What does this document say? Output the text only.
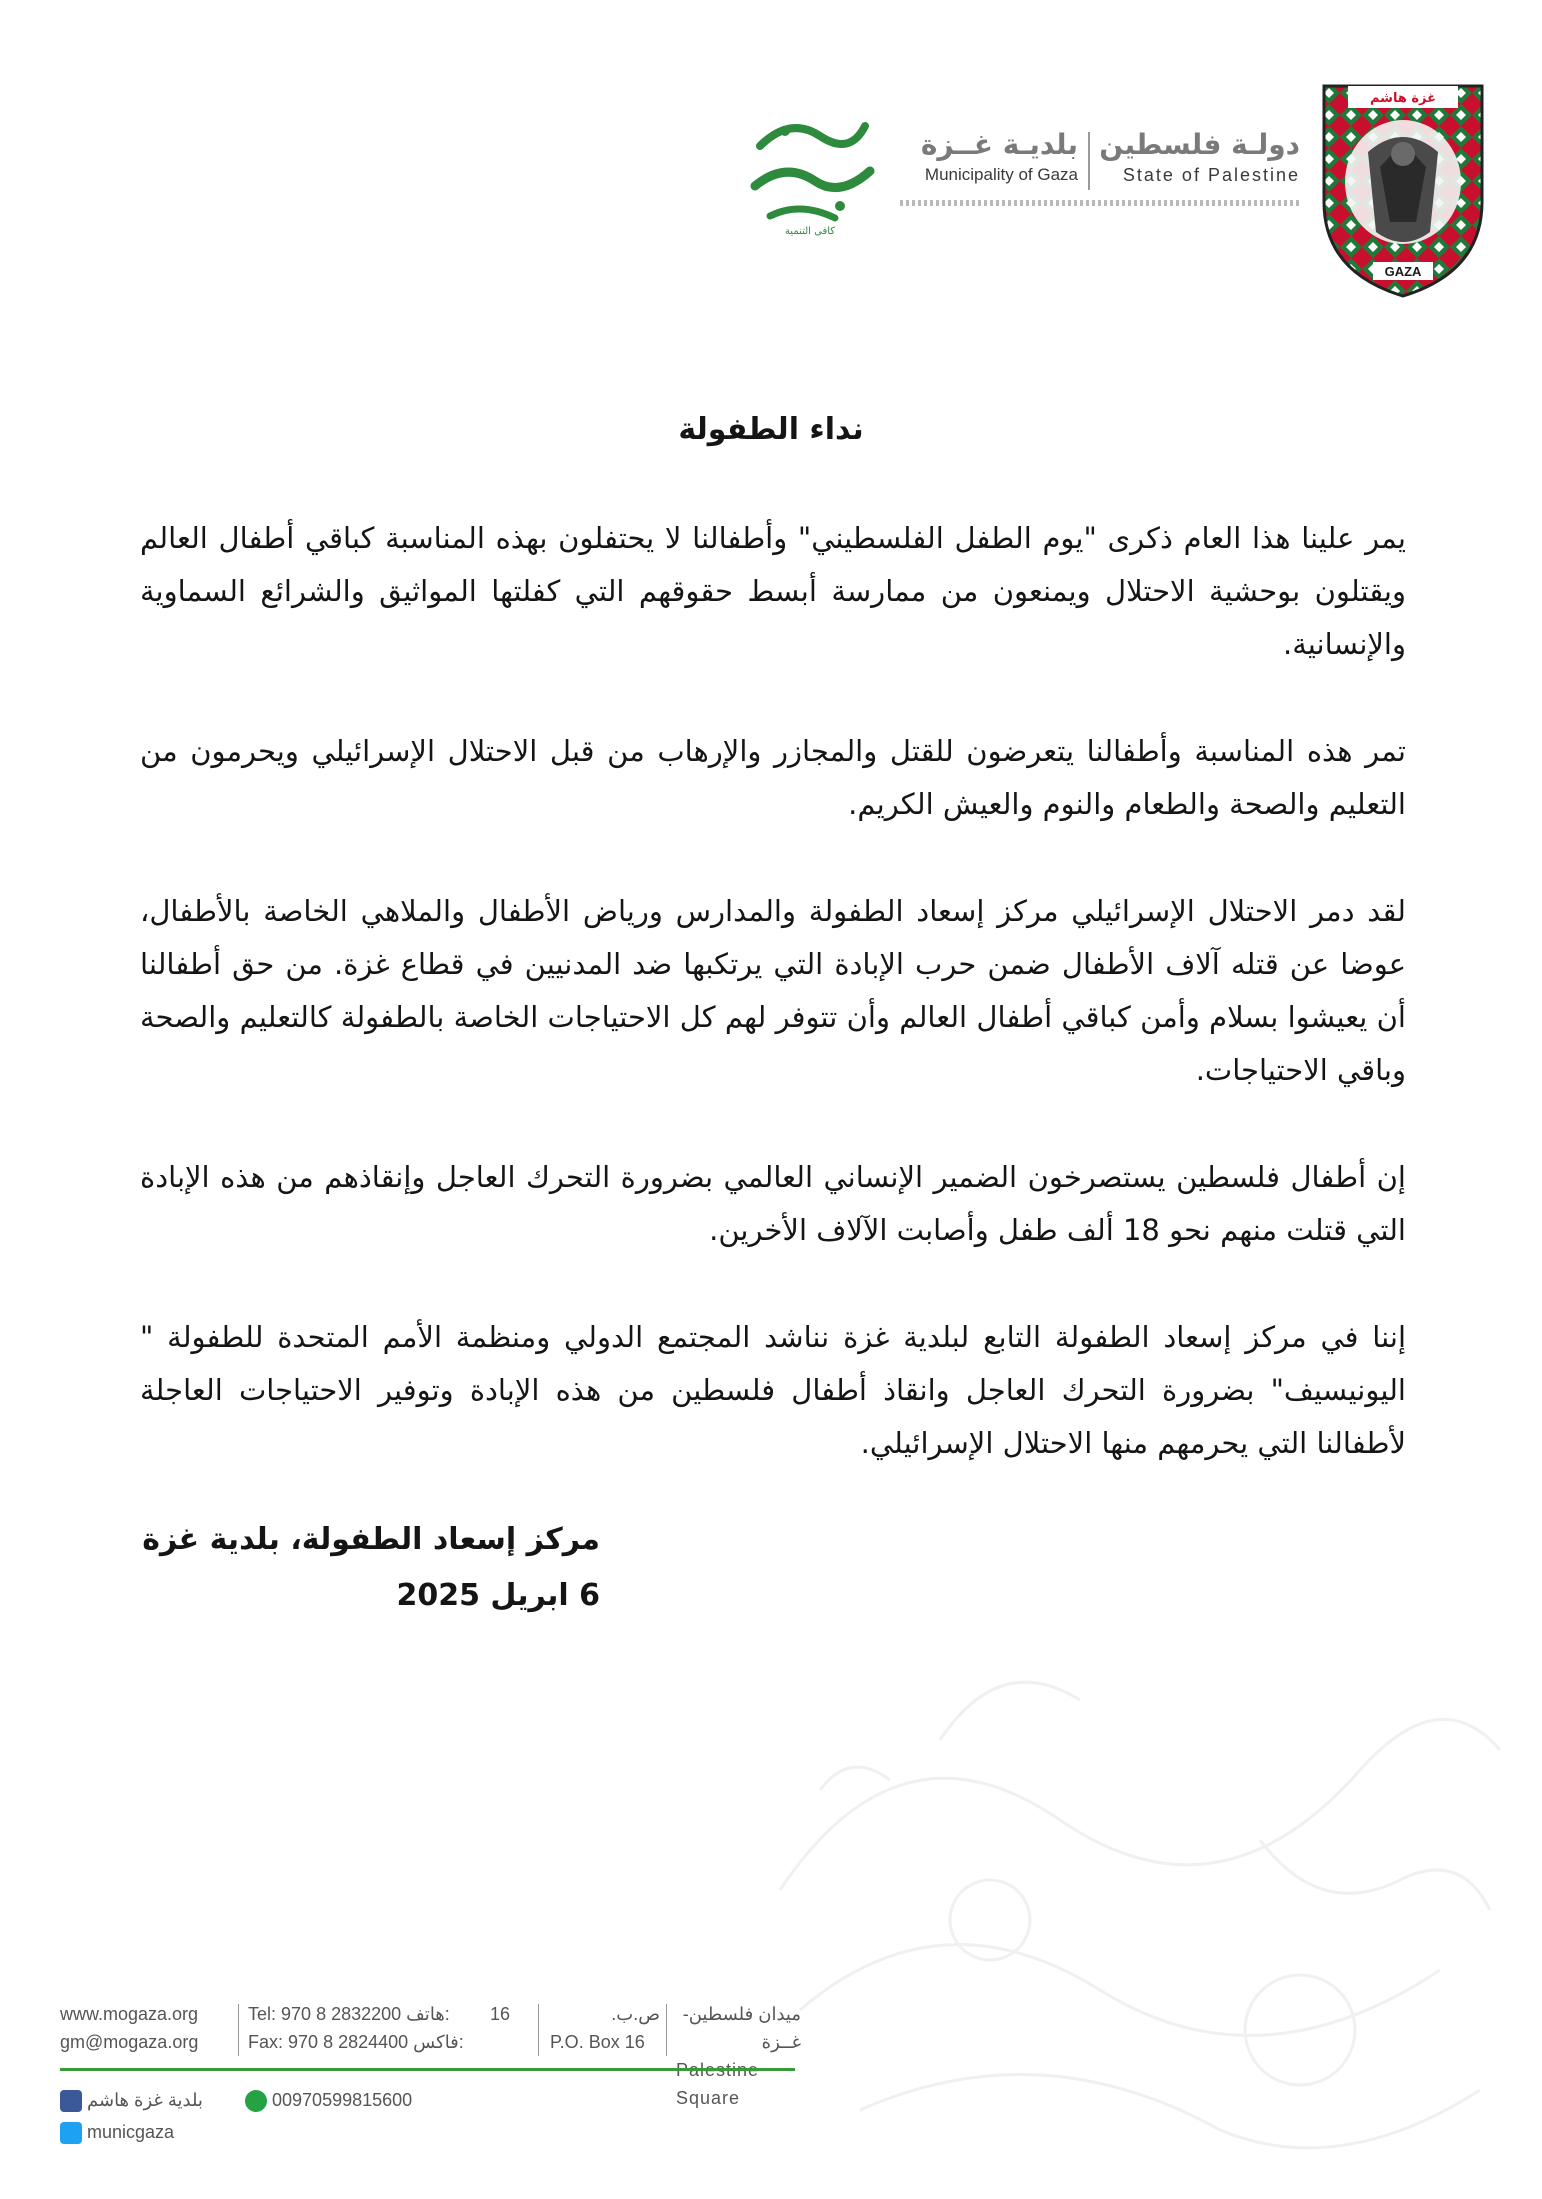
غزة هاشم
GAZA
دولـة فلسطين
State of Palestine
بلديـة غــزة
Municipality of Gaza
كافي التنمية
نداء الطفولة

يمر علينا هذا العام ذكرى "يوم الطفل الفلسطيني" وأطفالنا لا يحتفلون بهذه المناسبة كباقي أطفال العالم ويقتلون بوحشية الاحتلال ويمنعون من ممارسة أبسط حقوقهم التي كفلتها المواثيق والشرائع السماوية والإنسانية.

تمر هذه المناسبة وأطفالنا يتعرضون للقتل والمجازر والإرهاب من قبل الاحتلال الإسرائيلي ويحرمون من التعليم والصحة والطعام والنوم والعيش الكريم.

لقد دمر الاحتلال الإسرائيلي مركز إسعاد الطفولة والمدارس ورياض الأطفال والملاهي الخاصة بالأطفال، عوضا عن قتله آلاف الأطفال ضمن حرب الإبادة التي يرتكبها ضد المدنيين في قطاع غزة. من حق أطفالنا أن يعيشوا بسلام وأمن كباقي أطفال العالم وأن تتوفر لهم كل الاحتياجات الخاصة بالطفولة كالتعليم والصحة وباقي الاحتياجات.

إن أطفال فلسطين يستصرخون الضمير الإنساني العالمي بضرورة التحرك العاجل وإنقاذهم من هذه الإبادة التي قتلت منهم نحو 18 ألف طفل وأصابت الآلاف الأخرين.

إننا في مركز إسعاد الطفولة التابع لبلدية غزة نناشد المجتمع الدولي ومنظمة الأمم المتحدة للطفولة " اليونيسيف" بضرورة التحرك العاجل وانقاذ أطفال فلسطين من هذه الإبادة وتوفير الاحتياجات العاجلة لأطفالنا التي يحرمهم منها الاحتلال الإسرائيلي.

مركز إسعاد الطفولة، بلدية غزة
6 ابريل 2025
www.mogaza.org
gm@mogaza.org
Tel: 970 8 2832200 هاتف:
Fax: 970 8 2824400 فاكس:
16	ص.ب.
P.O. Box 16
ميدان فلسطين- غــزة
Square
بلدية غزة هاشم	00970599815600
municgaza
